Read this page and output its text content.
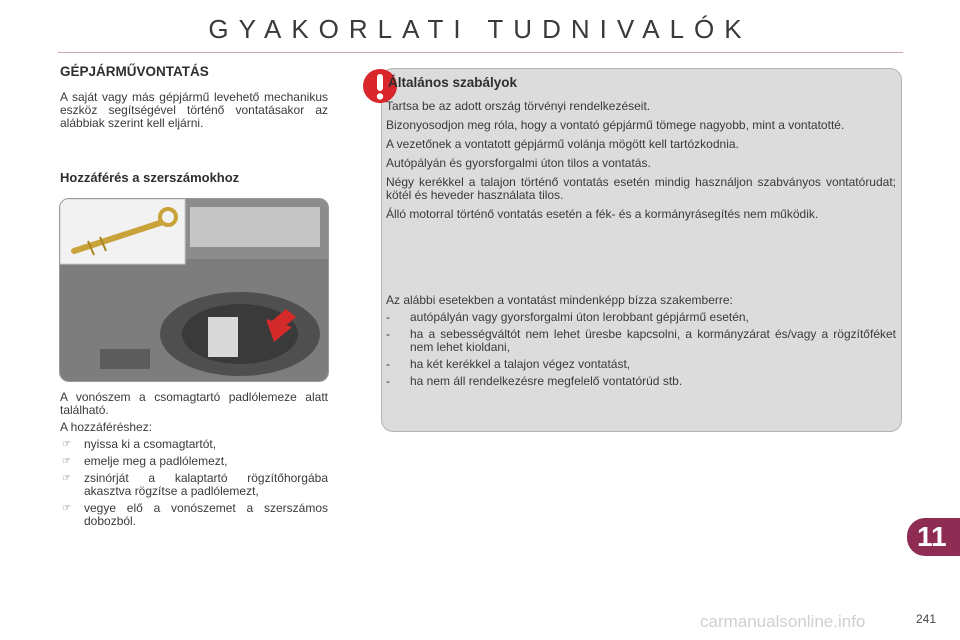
GYAKORLATI TUDNIVALÓK
GÉPJÁRMŰVONTATÁS

A saját vagy más gépjármű levehető mechanikus eszköz segítségével történő vontatásakor az alábbiak szerint kell eljárni.

Hozzáférés a szerszámokhoz

A vonószem a csomagtartó padlólemeze alatt található.

A hozzáféréshez:

☞ nyissa ki a csomagtartót,
☞ emelje meg a padlólemezt,
☞ zsinórját a kalaptartó rögzítőhorgába akasztva rögzítse a padlólemezt,
☞ vegye elő a vonószemet a szerszámos dobozból.
Általános szabályok

Tartsa be az adott ország törvényi rendelkezéseit.

Bizonyosodjon meg róla, hogy a vontató gépjármű tömege nagyobb, mint a vontatotté.

A vezetőnek a vontatott gépjármű volánja mögött kell tartózkodnia.

Autópályán és gyorsforgalmi úton tilos a vontatás.

Négy kerékkel a talajon történő vontatás esetén mindig használjon szabványos vontatórudat; kötél és heveder használata tilos.

Álló motorral történő vontatás esetén a fék- és a kormányrásegítés nem működik.

Az alábbi esetekben a vontatást mindenképp bízza szakemberre:

- autópályán vagy gyorsforgalmi úton lerobbant gépjármű esetén,
- ha a sebességváltót nem lehet üresbe kapcsolni, a kormányzárat és/vagy a rögzítőféket nem lehet kioldani,
- ha két kerékkel a talajon végez vontatást,
- ha nem áll rendelkezésre megfelelő vontatórúd stb.
11
carmanualsonline.info	241
